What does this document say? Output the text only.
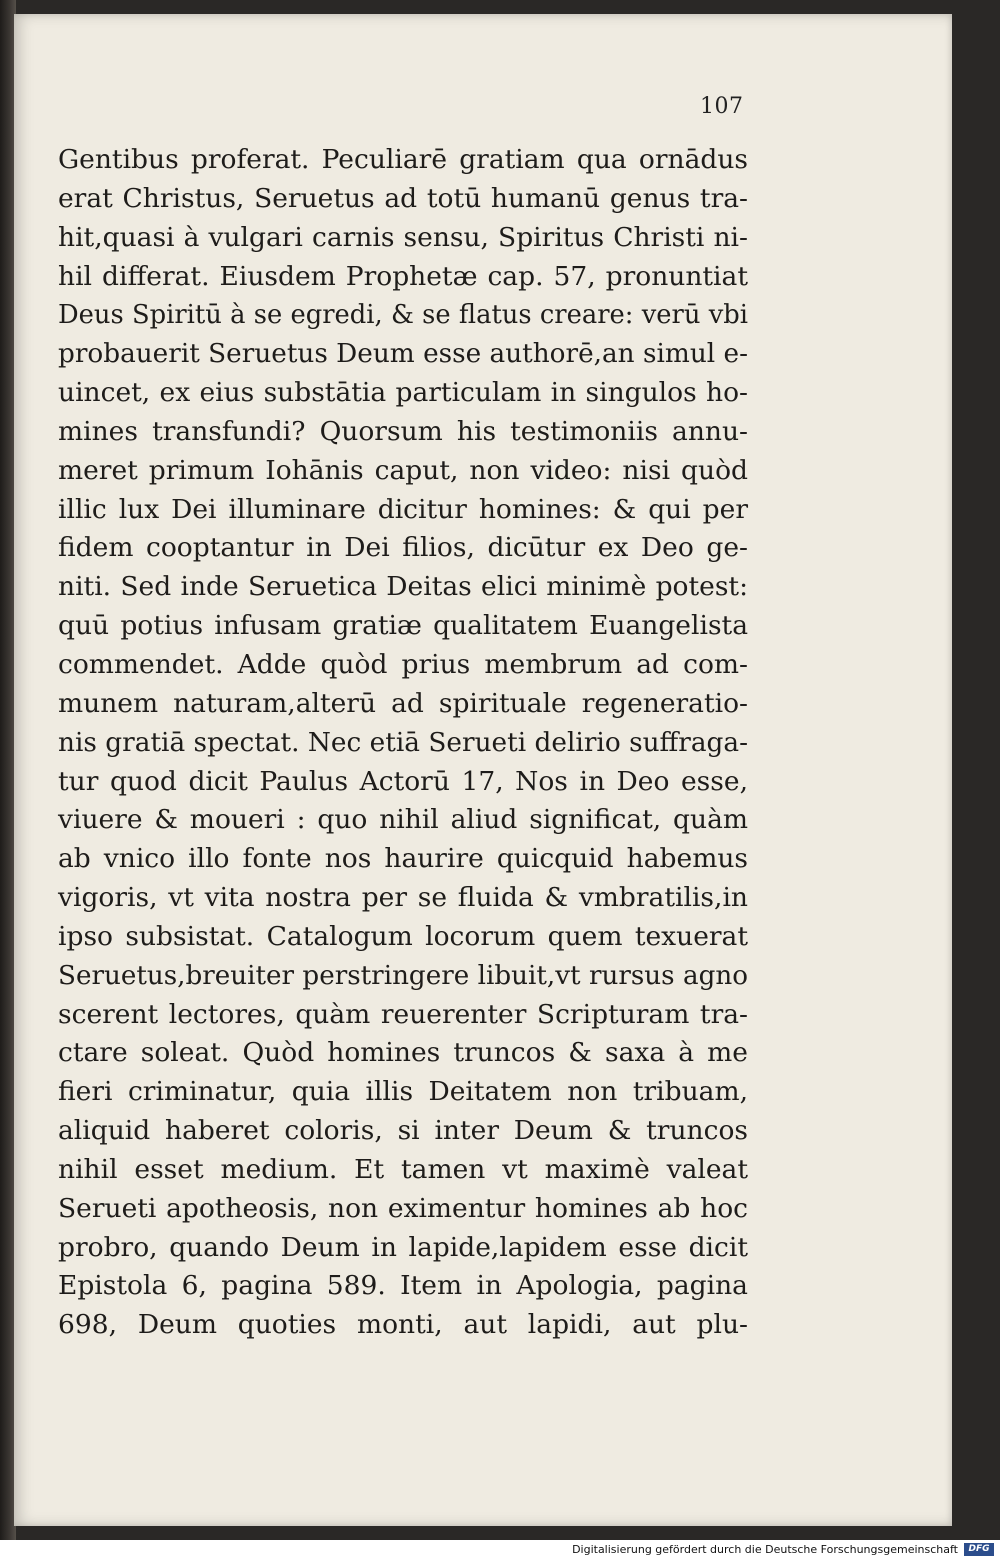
107
Gentibus proferat. Peculiarē gratiam qua ornādus
erat Christus, Seruetus ad totū humanū genus tra-
hit,quasi à vulgari carnis sensu, Spiritus Christi ni-
hil differat. Eiusdem Prophetæ cap. 57, pronuntiat
Deus Spiritū à se egredi, & se flatus creare: verū vbi
probauerit Seruetus Deum esse authorē,an simul e-
uincet, ex eius substātia particulam in singulos ho-
mines transfundi? Quorsum his testimoniis annu-
meret primum Iohānis caput, non video: nisi quòd
illic lux Dei illuminare dicitur homines: & qui per
fidem cooptantur in Dei filios, dicūtur ex Deo ge-
niti. Sed inde Seruetica Deitas elici minimè potest:
quū potius infusam gratiæ qualitatem Euangelista
commendet. Adde quòd prius membrum ad com-
munem naturam,alterū ad spirituale regeneratio-
nis gratiā spectat. Nec etiā Serueti delirio suffraga-
tur quod dicit Paulus Actorū 17, Nos in Deo esse,
viuere & moueri : quo nihil aliud significat, quàm
ab vnico illo fonte nos haurire quicquid habemus
vigoris, vt vita nostra per se fluida & vmbratilis,in
ipso subsistat. Catalogum locorum quem texuerat
Seruetus,breuiter perstringere libuit,vt rursus agno
scerent lectores, quàm reuerenter Scripturam tra-
ctare soleat. Quòd homines truncos & saxa à me
fieri criminatur, quia illis Deitatem non tribuam,
aliquid haberet coloris, si inter Deum & truncos
nihil esset medium. Et tamen vt maximè valeat
Serueti apotheosis, non eximentur homines ab hoc
probro, quando Deum in lapide,lapidem esse dicit
Epistola 6, pagina 589. Item in Apologia, pagina
698, Deum quoties monti, aut lapidi, aut plu-
Digitalisierung gefördert durch die Deutsche Forschungsgemeinschaft	DFG
